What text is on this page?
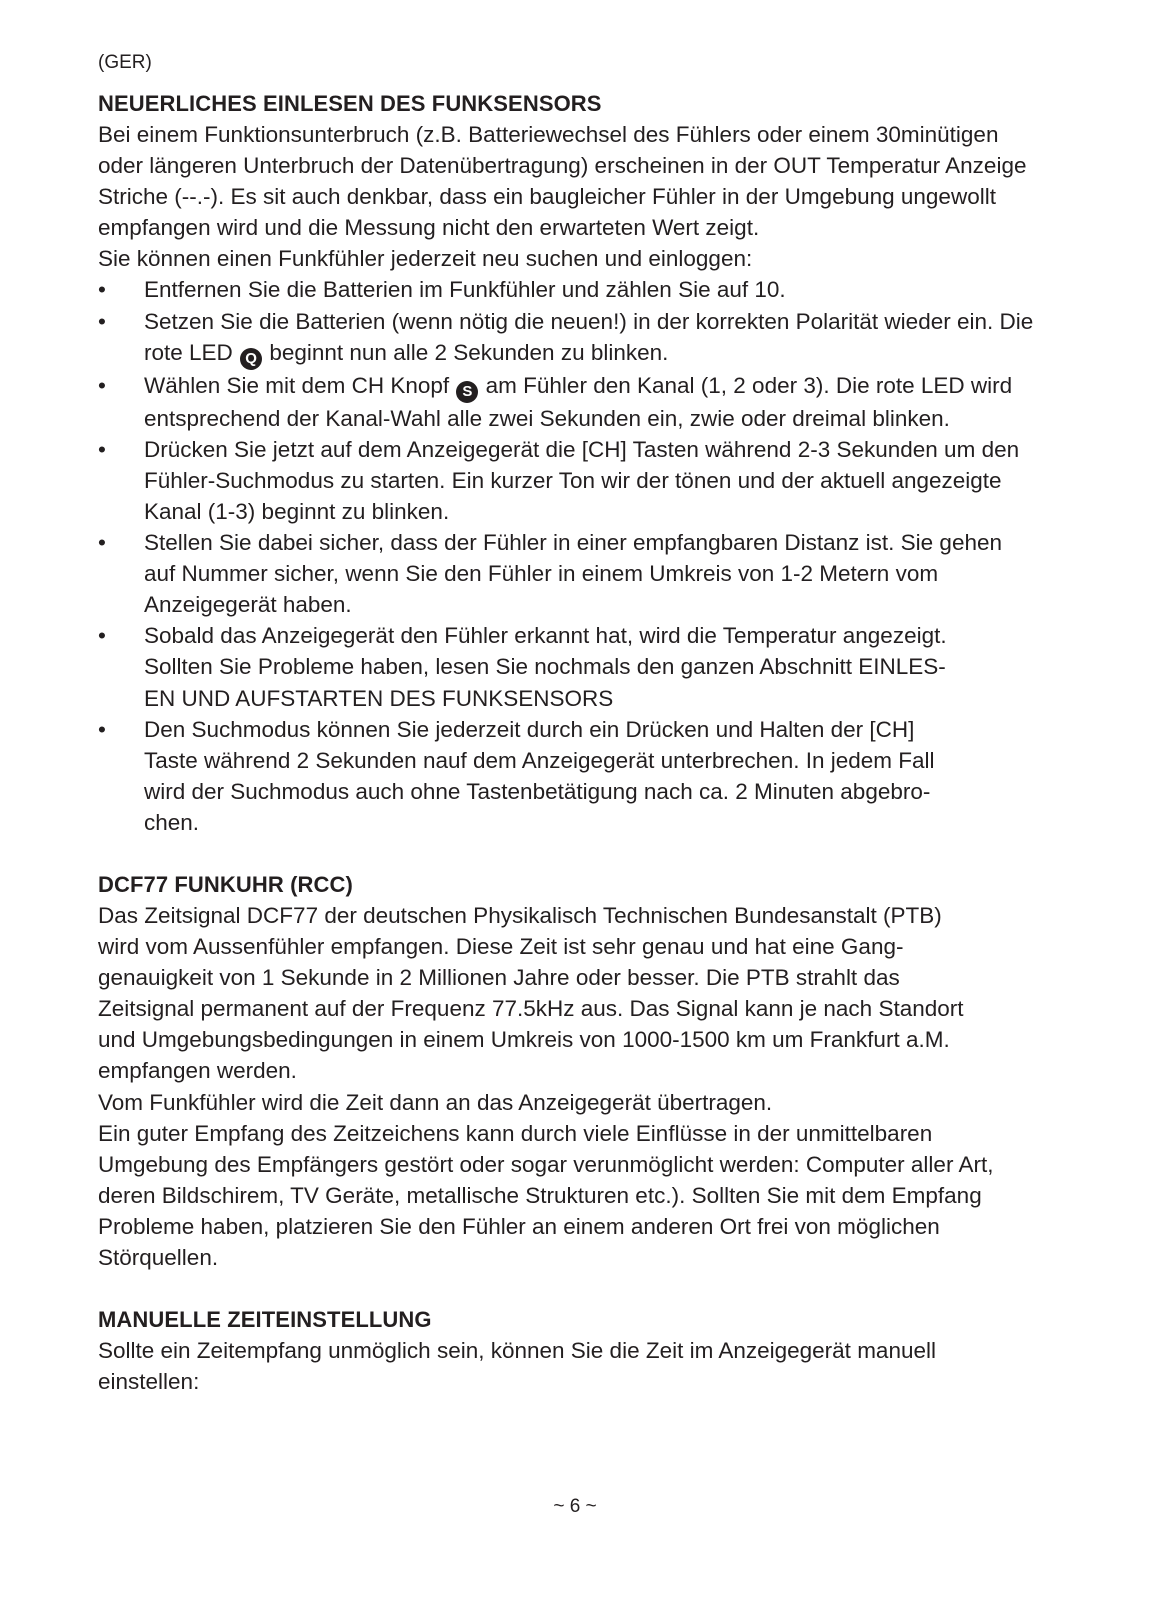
(GER)
NEUERLICHES EINLESEN DES FUNKSENSORS

Bei einem Funktionsunterbruch (z.B. Batteriewechsel des Fühlers oder einem 30minütigen oder längeren Unterbruch der Datenübertragung) erscheinen in der OUT Temperatur Anzeige Striche (--.-). Es sit auch denkbar, dass ein baugleicher Fühler in der Umgebung ungewollt empfangen wird und die Messung nicht den erwarteten Wert zeigt.

Sie können einen Funkfühler jederzeit neu suchen und einloggen:

• Entfernen Sie die Batterien im Funkfühler und zählen Sie auf 10.
• Setzen Sie die Batterien (wenn nötig die neuen!) in der korrekten Polarität wieder ein. Die rote LED Q beginnt nun alle 2 Sekunden zu blinken.
• Wählen Sie mit dem CH Knopf S am Fühler den Kanal (1, 2 oder 3). Die rote LED wird entsprechend der Kanal-Wahl alle zwei Sekunden ein, zwie oder dreimal blinken.
• Drücken Sie jetzt auf dem Anzeigegerät die [CH] Tasten während 2-3 Sekunden um den Fühler-Suchmodus zu starten. Ein kurzer Ton wir der tönen und der aktuell angezeigte Kanal (1-3) beginnt zu blinken.
• Stellen Sie dabei sicher, dass der Fühler in einer empfangbaren Distanz ist. Sie gehen auf Nummer sicher, wenn Sie den Fühler in einem Umkreis von 1-2 Metern vom Anzeigegerät haben.
• Sobald das Anzeigegerät den Fühler erkannt hat, wird die Temperatur angezeigt.
Sollten Sie Probleme haben, lesen Sie nochmals den ganzen Abschnitt EINLES-
EN UND AUFSTARTEN DES FUNKSENSORS
• Den Suchmodus können Sie jederzeit durch ein Drücken und Halten der [CH]
Taste während 2 Sekunden nauf dem Anzeigegerät unterbrechen. In jedem Fall
wird der Suchmodus auch ohne Tastenbetätigung nach ca. 2 Minuten abgebro-
chen.
DCF77 FUNKUHR (RCC)

Das Zeitsignal DCF77 der deutschen Physikalisch Technischen Bundesanstalt (PTB)
wird vom Aussenfühler empfangen. Diese Zeit ist sehr genau und hat eine Gang-
genauigkeit von 1 Sekunde in 2 Millionen Jahre oder besser. Die PTB strahlt das
Zeitsignal permanent auf der Frequenz 77.5kHz aus. Das Signal kann je nach Standort
und Umgebungsbedingungen in einem Umkreis von 1000-1500 km um Frankfurt a.M.
empfangen werden.

Vom Funkfühler wird die Zeit dann an das Anzeigegerät übertragen.

Ein guter Empfang des Zeitzeichens kann durch viele Einflüsse in der unmittelbaren Umgebung des Empfängers gestört oder sogar verunmöglicht werden: Computer aller Art, deren Bildschirem, TV Geräte, metallische Strukturen etc.). Sollten Sie mit dem Empfang Probleme haben, platzieren Sie den Fühler an einem anderen Ort frei von möglichen Störquellen.

MANUELLE ZEITEINSTELLUNG

Sollte ein Zeitempfang unmöglich sein, können Sie die Zeit im Anzeigegerät manuell einstellen:

~ 6 ~
